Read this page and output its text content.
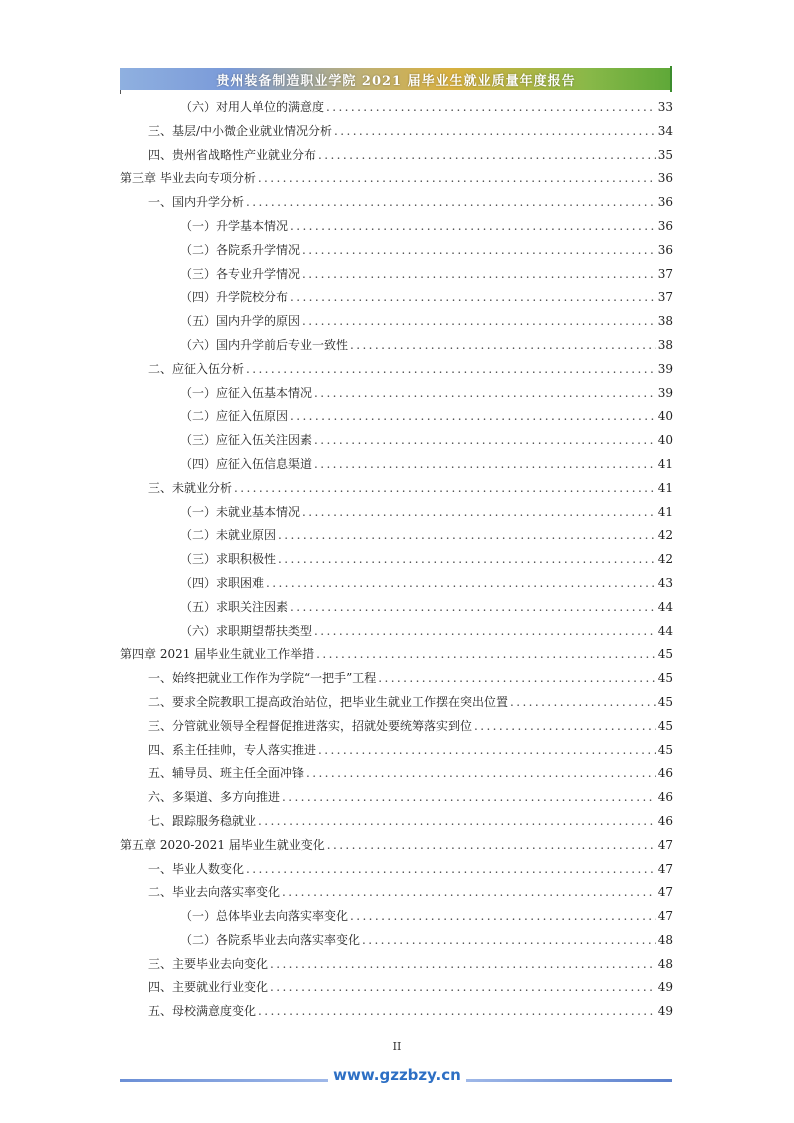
贵州装备制造职业学院 2021 届毕业生就业质量年度报告
（六）对用人单位的满意度 .....	33
三、基层/中小微企业就业情况分析 .....	34
四、贵州省战略性产业就业分布 .....	35
第三章 毕业去向专项分析 .....	36
一、国内升学分析 .....	36
（一）升学基本情况 .....	36
（二）各院系升学情况 .....	36
（三）各专业升学情况 .....	37
（四）升学院校分布 .....	37
（五）国内升学的原因 .....	38
（六）国内升学前后专业一致性 .....	38
二、应征入伍分析 .....	39
（一）应征入伍基本情况 .....	39
（二）应征入伍原因 .....	40
（三）应征入伍关注因素 .....	40
（四）应征入伍信息渠道 .....	41
三、未就业分析 .....	41
（一）未就业基本情况 .....	41
（二）未就业原因 .....	42
（三）求职积极性 .....	42
（四）求职困难 .....	43
（五）求职关注因素 .....	44
（六）求职期望帮扶类型 .....	44
第四章 2021 届毕业生就业工作举措 .....	45
一、始终把就业工作作为学院“一把手”工程 .....	45
二、要求全院教职工提高政治站位，把毕业生就业工作摆在突出位置 .....	45
三、分管就业领导全程督促推进落实，招就处要统筹落实到位 .....	45
四、系主任挂帅，专人落实推进 .....	45
五、辅导员、班主任全面冲锋 .....	46
六、多渠道、多方向推进 .....	46
七、跟踪服务稳就业 .....	46
第五章 2020-2021 届毕业生就业变化 .....	47
一、毕业人数变化 .....	47
二、毕业去向落实率变化 .....	47
（一）总体毕业去向落实率变化 .....	47
（二）各院系毕业去向落实率变化 .....	48
三、主要毕业去向变化 .....	48
四、主要就业行业变化 .....	49
五、母校满意度变化 .....	49
II
www.gzzbzy.cn
